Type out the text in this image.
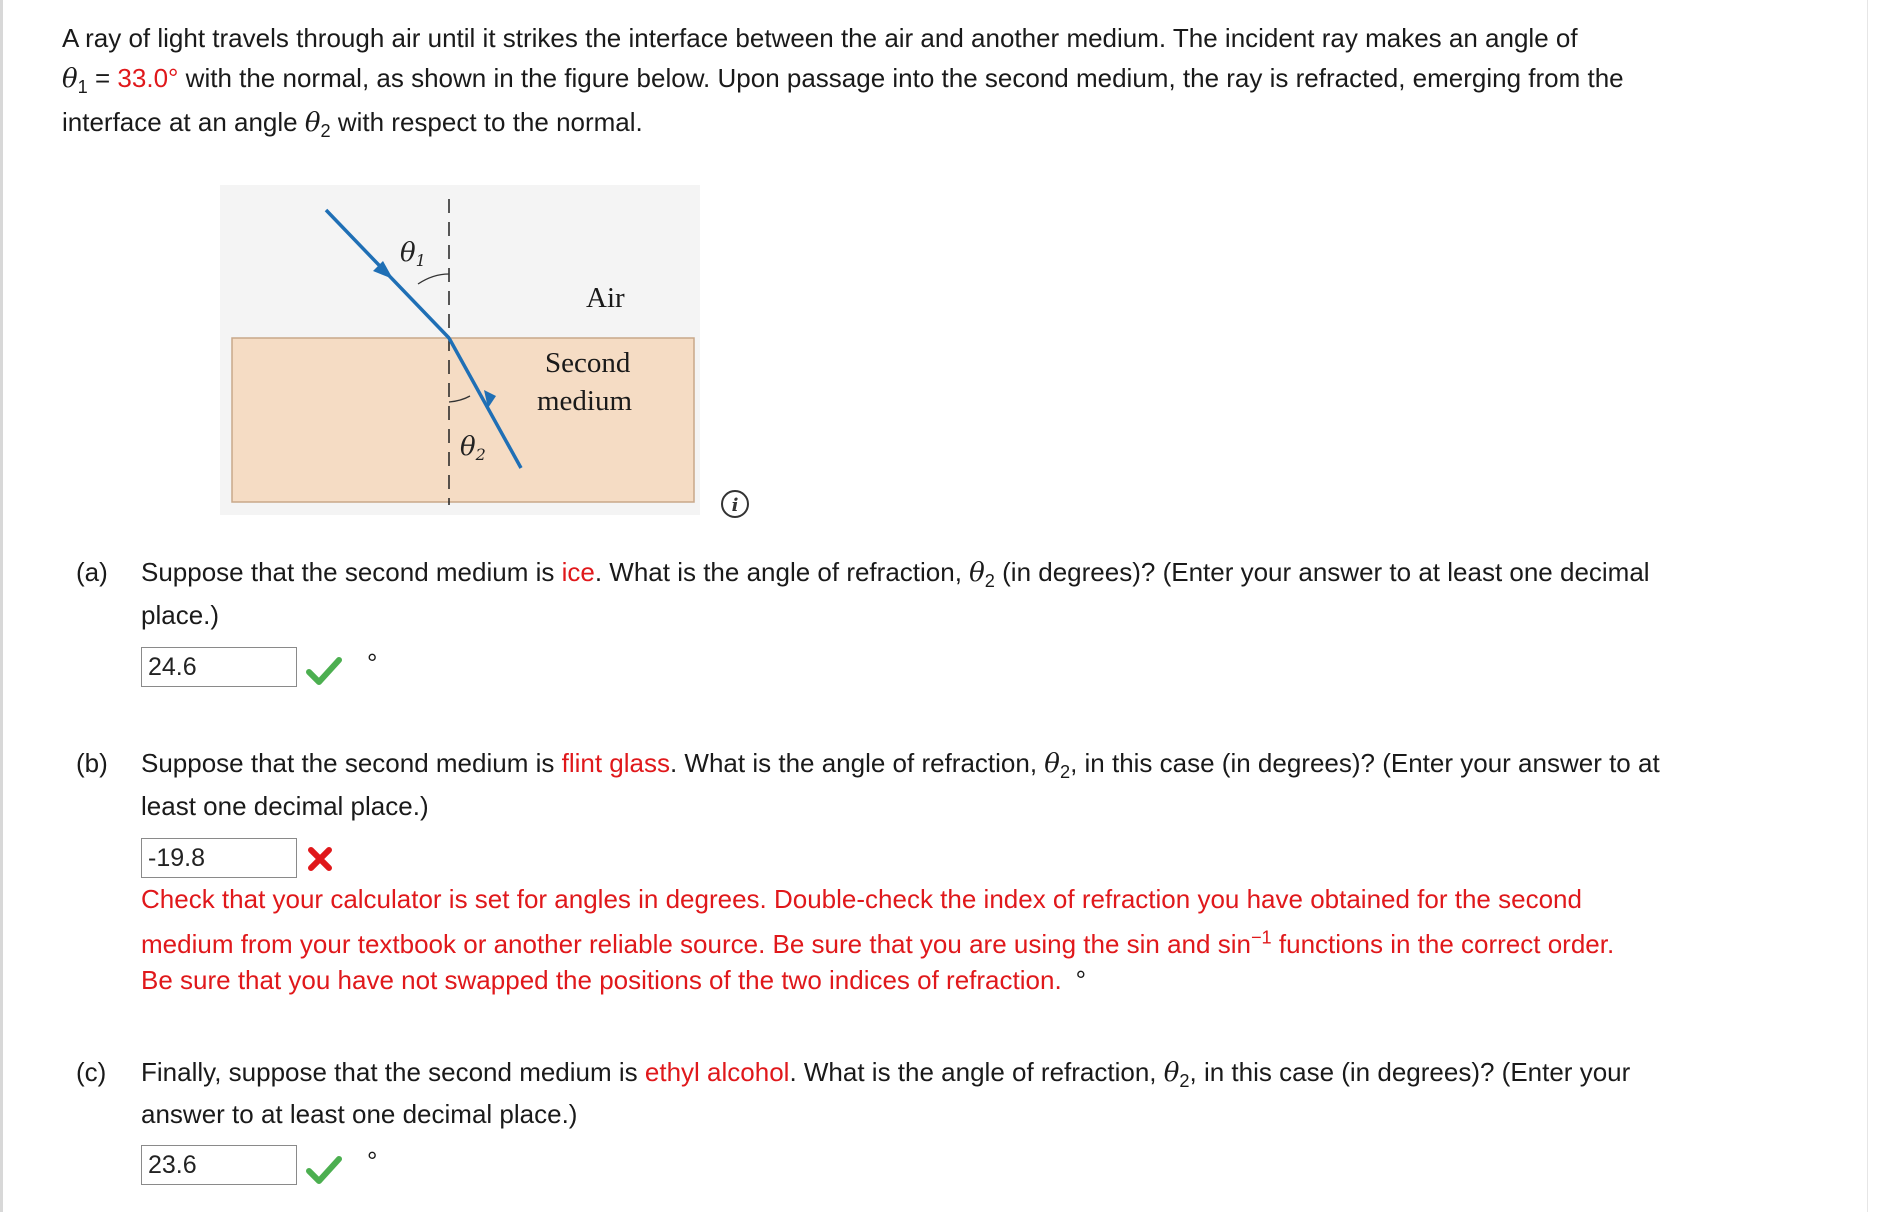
A ray of light travels through air until it strikes the interface between the air and another medium. The incident ray makes an angle of
$\theta_1 = 33.0^\circ$ with the normal, as shown in the figure below. Upon passage into the second medium, the ray is refracted, emerging from the
interface at an angle $\theta_2$ with respect to the normal.
θ1
θ2
Air
Second
medium
i
(a) Suppose that the second medium is ice. What is the angle of refraction, $\theta_2$ (in degrees)? (Enter your answer to at least one decimal
place.)
24.6
°
(b) Suppose that the second medium is flint glass. What is the angle of refraction, $\theta_2$, in this case (in degrees)? (Enter your answer to at
least one decimal place.)
-19.8
Check that your calculator is set for angles in degrees. Double-check the index of refraction you have obtained for the second
medium from your textbook or another reliable source. Be sure that you are using the sin and $\sin^{-1}$ functions in the correct order.
Be sure that you have not swapped the positions of the two indices of refraction. °
(c) Finally, suppose that the second medium is ethyl alcohol. What is the angle of refraction, $\theta_2$, in this case (in degrees)? (Enter your
answer to at least one decimal place.)
23.6
°
